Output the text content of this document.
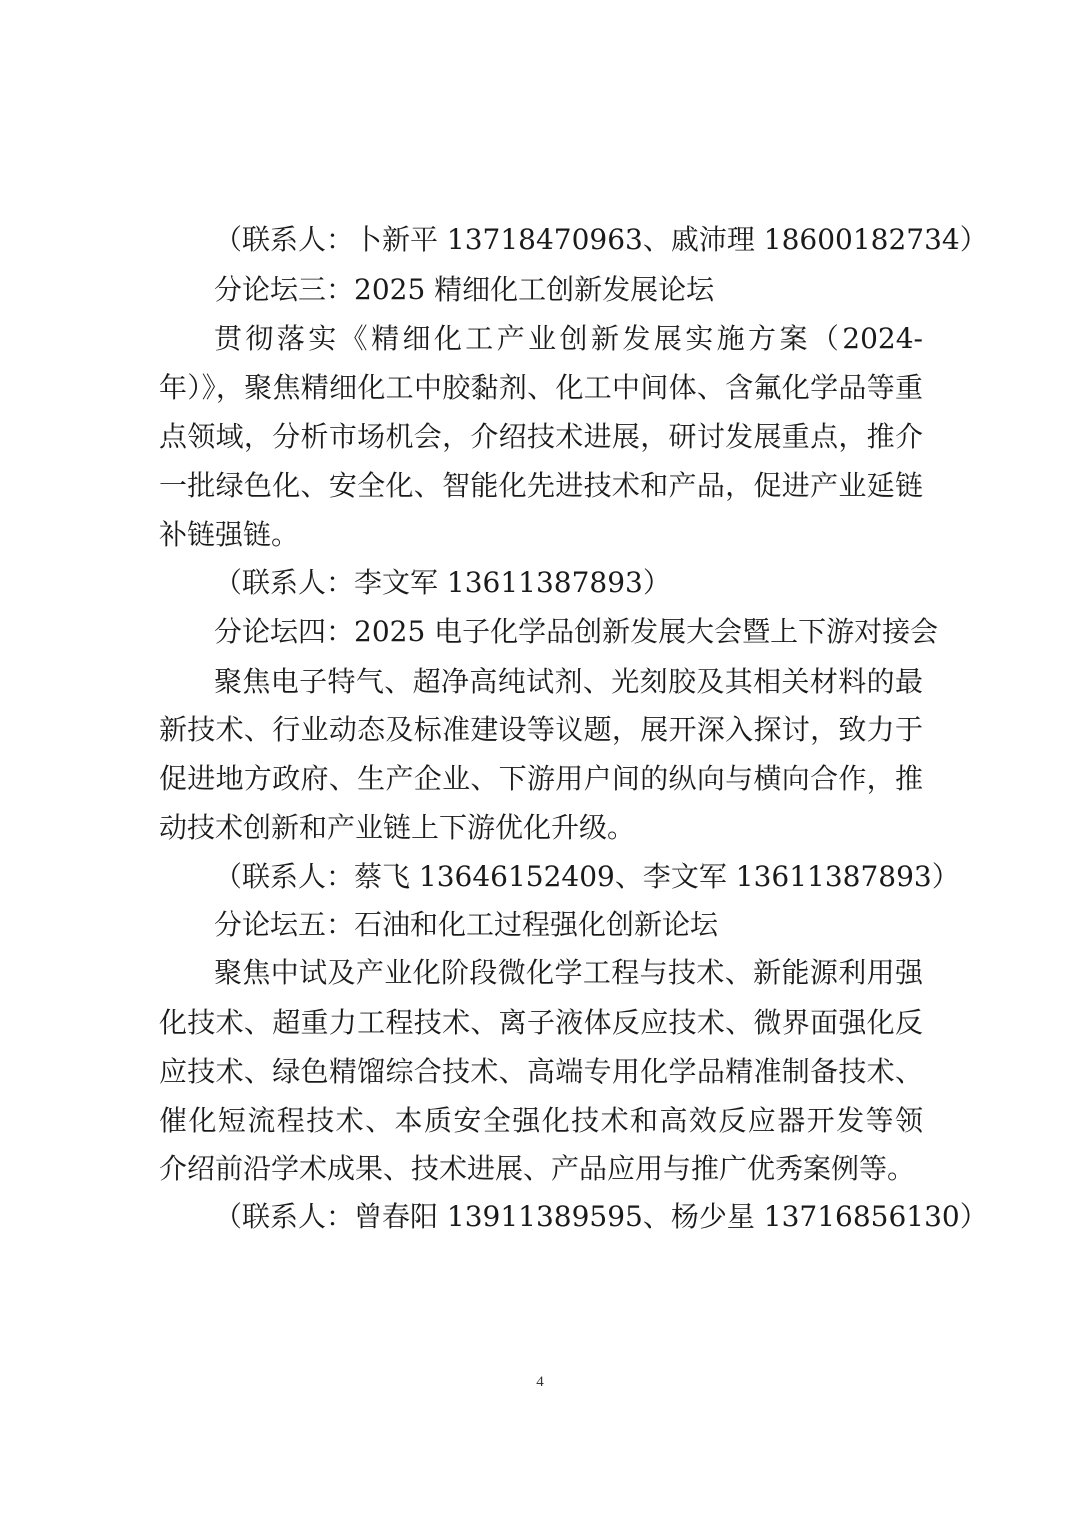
（联系人：卜新平 13718470963、戚沛理 18600182734）
分论坛三：2025 精细化工创新发展论坛
贯彻落实《精细化工产业创新发展实施方案（2024-
年）》，聚焦精细化工中胶黏剂、化工中间体、含氟化学品等重
点领域，分析市场机会，介绍技术进展，研讨发展重点，推介
一批绿色化、安全化、智能化先进技术和产品，促进产业延链
补链强链。
（联系人：李文军 13611387893）
分论坛四：2025 电子化学品创新发展大会暨上下游对接会
聚焦电子特气、超净高纯试剂、光刻胶及其相关材料的最
新技术、行业动态及标准建设等议题，展开深入探讨，致力于
促进地方政府、生产企业、下游用户间的纵向与横向合作，推
动技术创新和产业链上下游优化升级。
（联系人：蔡飞 13646152409、李文军 13611387893）
分论坛五：石油和化工过程强化创新论坛
聚焦中试及产业化阶段微化学工程与技术、新能源利用强
化技术、超重力工程技术、离子液体反应技术、微界面强化反
应技术、绿色精馏综合技术、高端专用化学品精准制备技术、
催化短流程技术、本质安全强化技术和高效反应器开发等领
介绍前沿学术成果、技术进展、产品应用与推广优秀案例等。
（联系人：曾春阳 13911389595、杨少星 13716856130）
4
